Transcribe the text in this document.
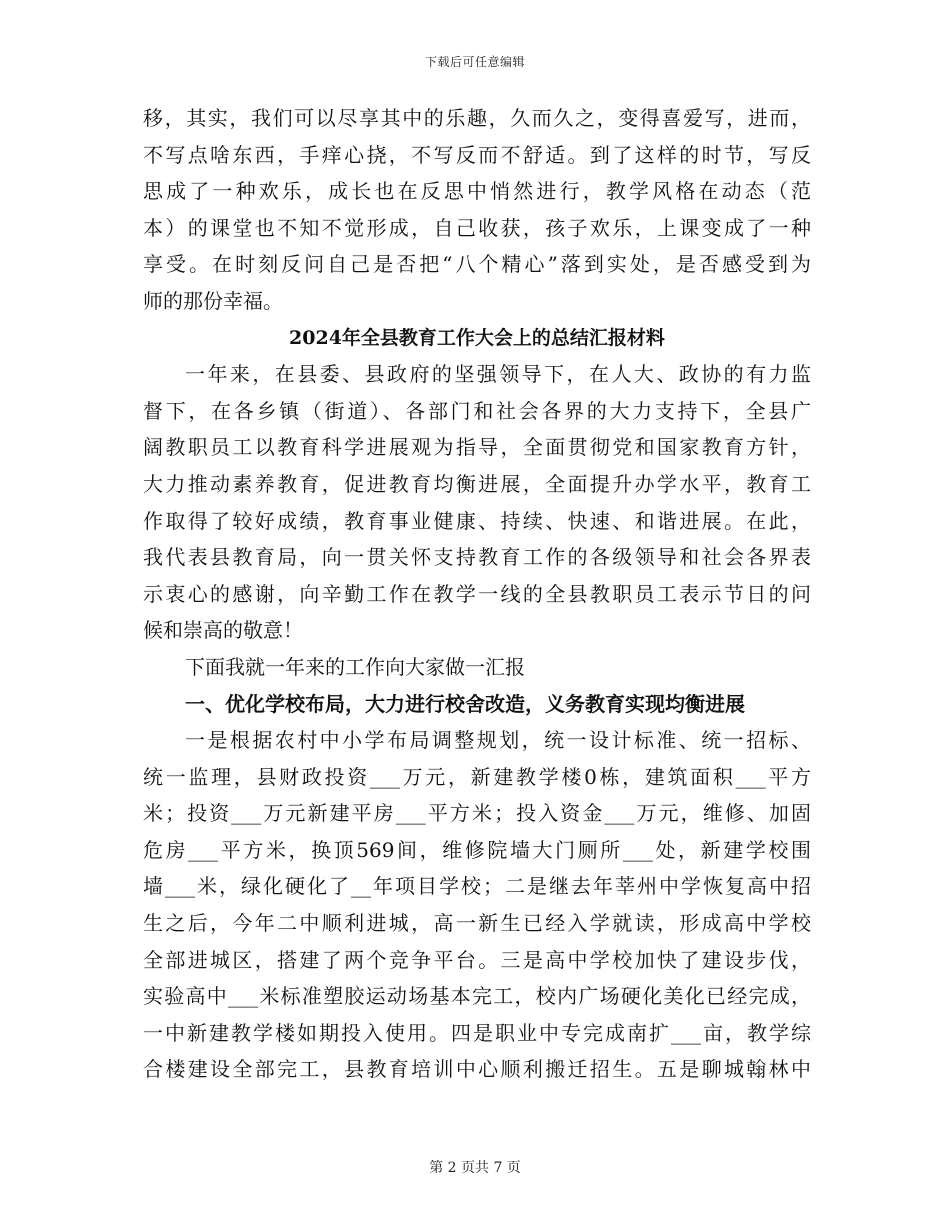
下载后可任意编辑
移，其实，我们可以尽享其中的乐趣，久而久之，变得喜爱写，进而，
不写点啥东西，手痒心挠，不写反而不舒适。到了这样的时节，写反
思成了一种欢乐，成长也在反思中悄然进行，教学风格在动态（范
本）的课堂也不知不觉形成，自己收获，孩子欢乐，上课变成了一种
享受。在时刻反问自己是否把“八个精心”落到实处，是否感受到为
师的那份幸福。
2024年全县教育工作大会上的总结汇报材料
一年来，在县委、县政府的坚强领导下，在人大、政协的有力监
督下，在各乡镇（街道）、各部门和社会各界的大力支持下，全县广
阔教职员工以教育科学进展观为指导，全面贯彻党和国家教育方针，
大力推动素养教育，促进教育均衡进展，全面提升办学水平，教育工
作取得了较好成绩，教育事业健康、持续、快速、和谐进展。在此，
我代表县教育局，向一贯关怀支持教育工作的各级领导和社会各界表
示衷心的感谢，向辛勤工作在教学一线的全县教职员工表示节日的问
候和崇高的敬意！
下面我就一年来的工作向大家做一汇报
一、优化学校布局，大力进行校舍改造，义务教育实现均衡进展
一是根据农村中小学布局调整规划，统一设计标准、统一招标、
统一监理，县财政投资___万元，新建教学楼0栋，建筑面积___平方
米；投资___万元新建平房___平方米；投入资金___万元，维修、加固
危房___平方米，换顶569间，维修院墙大门厕所___处，新建学校围
墙___米，绿化硬化了__年项目学校；二是继去年莘州中学恢复高中招
生之后，今年二中顺利进城，高一新生已经入学就读，形成高中学校
全部进城区，搭建了两个竞争平台。三是高中学校加快了建设步伐，
实验高中___米标准塑胶运动场基本完工，校内广场硬化美化已经完成，
一中新建教学楼如期投入使用。四是职业中专完成南扩___亩，教学综
合楼建设全部完工，县教育培训中心顺利搬迁招生。五是聊城翰林中
第 2 页共 7 页
